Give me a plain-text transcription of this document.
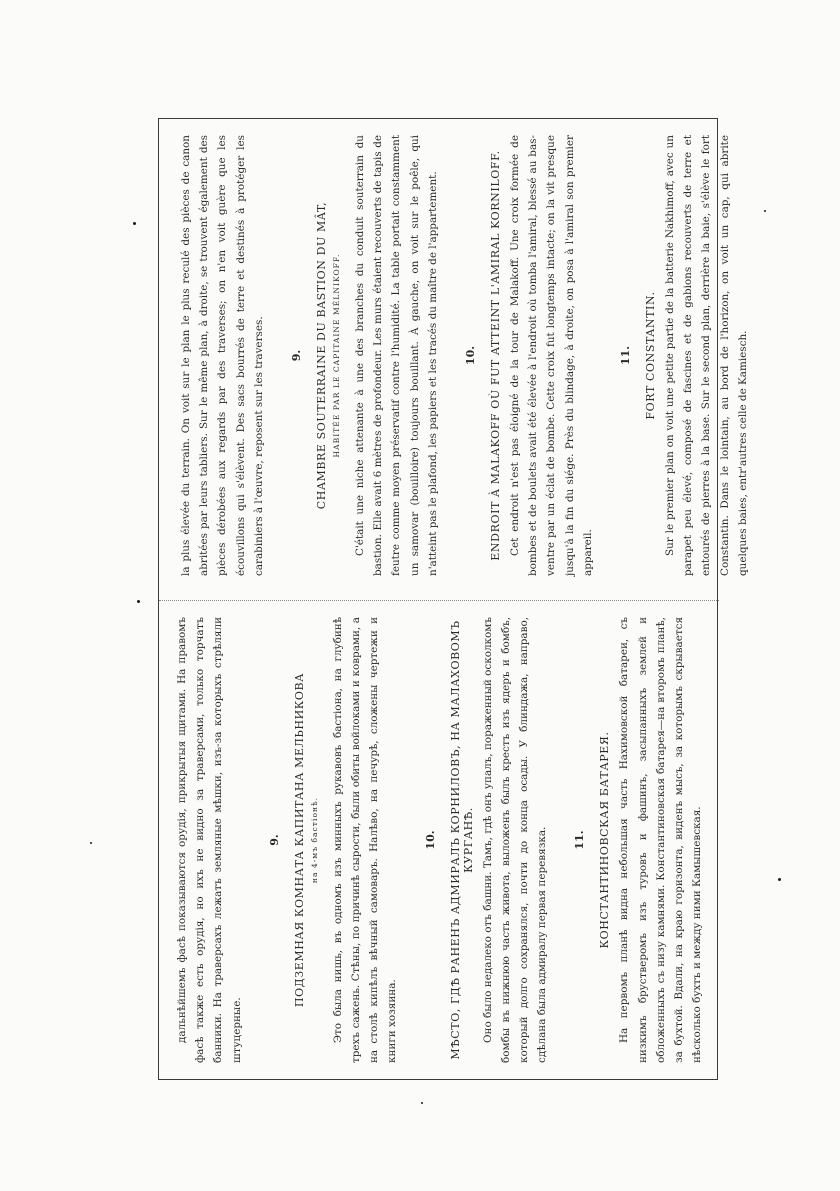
дальнѣйшемъ фасѣ показываются орудія, прикрытыя щитами. На правомъ фасѣ также есть орудія, но ихъ не видно за траверсами, только торчатъ банники. На траверсахъ лежатъ земляные мѣшки, изъ-за которыхъ стрѣляли штуцерные.

9. ПОДЗЕМНАЯ КОМНАТА КАПИТАНА МЕЛЬНИКОВА на 4-мъ бастіонѣ. Это была нишь, въ одномъ изъ минныхъ рукавовъ бастіона, на глубинѣ трехъ сажень. Стѣны, по причинѣ сырости, были обиты войлоками и коврами, а на столѣ кипѣлъ вѣчный самоваръ. Налѣво, на печурѣ, сложены чертежи и книги хозяина.

10. МѢСТО, ГДѢ РАНЕНЪ АДМИРАЛЪ КОРНИЛОВЪ, НА МАЛАХОВОМЪ КУРГАНѢ. Оно было недалеко отъ башни. Тамъ, гдѣ онъ упалъ, пораженный осколкомъ бомбы въ нижнюю часть живота, выложенъ былъ крестъ изъ ядеръ и бомбъ, который долго сохранялся, почти до конца осады. У блиндажа, направо, сдѣлана была адмиралу первая перевязка. 11. КОНСТАНТИНОВСКАЯ БАТАРЕЯ. На первомъ планѣ видна небольшая часть Нахимовской батареи, съ низкимъ брустверомъ изъ туровъ и фашинъ, засыпанныхъ землей и обложенныхъ съ низу камнями. Константиновская батарея—на второмъ планѣ, за бухтой. Вдали, на краю горизонта, виденъ мысъ, за которымъ скрывается нѣсколько бухтъ и между ними Камышевская.

la plus élevée du terrain. On voit sur le plan le plus reculé des pièces de canon abritées par leurs tabliers. Sur le même plan, à droite, se trouvent également des pièces dérobées aux regards par des traverses; on n'en voit guère que les écouvillons qui s'élèvent. Des sacs bourrés de terre et destinés à protéger les carabiniers à l'œuvre, reposent sur les traverses. 9. CHAMBRE SOUTERRAINE DU BASTION DU MÂT, HABITÉE PAR LE CAPITAINE MÉLNIKOFF. C'était une niche attenante à une des branches du conduit souterrain du bastion. Elle avait 6 mètres de profondeur. Les murs étaient recouverts de tapis de feutre comme moyen préservatif contre l'humidité. La table portait constamment un samovar (bouilloire) toujours bouillant. À gauche, on voit sur le poêle, qui n'atteint pas le plafond, les papiers et les tracés du maître de l'appartement. 10. ENDROIT À MALAKOFF OÙ FUT ATTEINT L'AMIRAL KORNILOFF. Cet endroit n'est pas éloigné de la tour de Malakoff. Une croix formée de bombes et de boulets avait été élevée à l'endroit où tomba l'amiral, blessé au bas-ventre par un éclat de bombe. Cette croix fut longtemps intacte; on la vit presque jusqu'à la fin du siége. Près du blindage, à droite, on posa à l'amiral son premier appareil.

11. FORT CONSTANTIN. Sur le premier plan on voit une petite partie de la batterie Nakhimoff, avec un parapet peu élevé, composé de fascines et de gabions recouverts de terre et entourés de pierres à la base. Sur le second plan, derrière la baie, s'élève le fort Constantin. Dans le lointain, au bord de l'horizon, on voit un cap, qui abrite quelques baies, entr'autres celle de Kamiesch.
